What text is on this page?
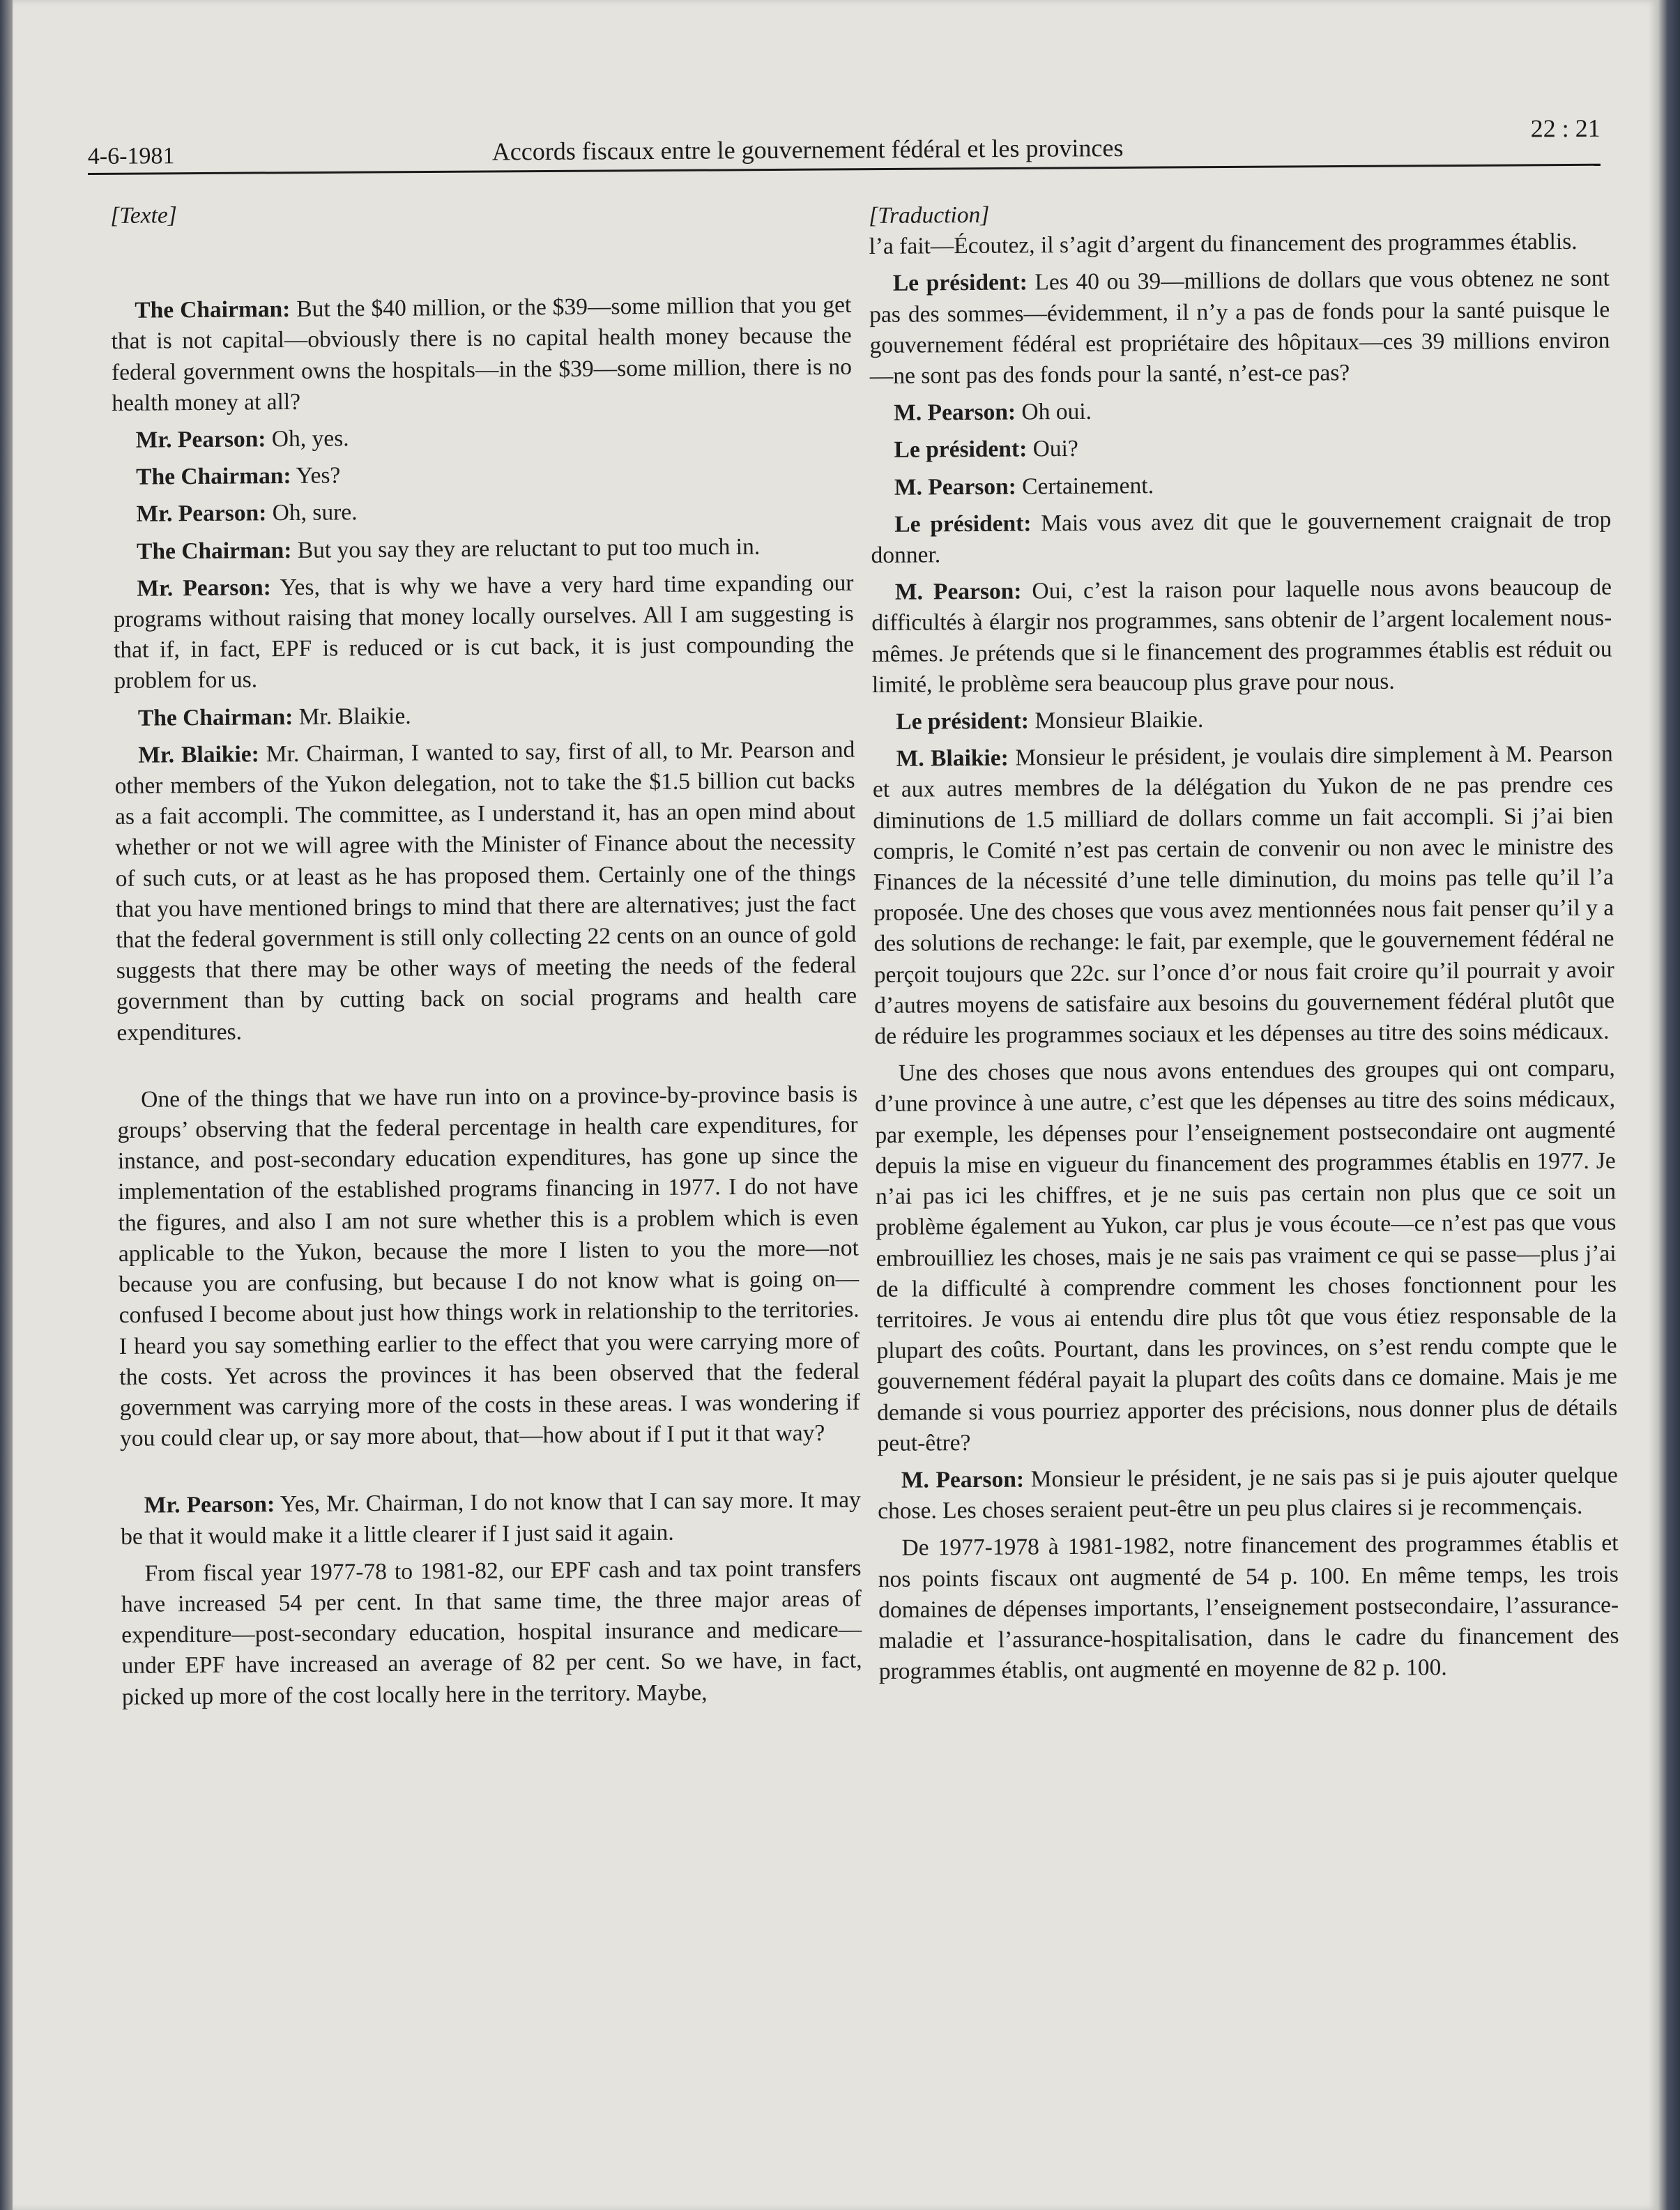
4-6-1981	Accords fiscaux entre le gouvernement fédéral et les provinces
22 : 21
[Texte]

The Chairman: But the $40 million, or the $39—some million that you get that is not capital—obviously there is no capital health money because the federal government owns the hospitals—in the $39—some million, there is no health money at all?

Mr. Pearson: Oh, yes.

The Chairman: Yes?

Mr. Pearson: Oh, sure.

The Chairman: But you say they are reluctant to put too much in.

Mr. Pearson: Yes, that is why we have a very hard time expanding our programs without raising that money locally ourselves. All I am suggesting is that if, in fact, EPF is reduced or is cut back, it is just compounding the problem for us.

The Chairman: Mr. Blaikie.

Mr. Blaikie: Mr. Chairman, I wanted to say, first of all, to Mr. Pearson and other members of the Yukon delegation, not to take the $1.5 billion cut backs as a fait accompli. The committee, as I understand it, has an open mind about whether or not we will agree with the Minister of Finance about the necessity of such cuts, or at least as he has proposed them. Certainly one of the things that you have mentioned brings to mind that there are alternatives; just the fact that the federal government is still only collecting 22 cents on an ounce of gold suggests that there may be other ways of meeting the needs of the federal government than by cutting back on social programs and health care expenditures.

One of the things that we have run into on a province-by-province basis is groups’ observing that the federal percentage in health care expenditures, for instance, and post-secondary education expenditures, has gone up since the implementation of the established programs financing in 1977. I do not have the figures, and also I am not sure whether this is a problem which is even applicable to the Yukon, because the more I listen to you the more—not because you are confusing, but because I do not know what is going on—confused I become about just how things work in relationship to the territories. I heard you say something earlier to the effect that you were carrying more of the costs. Yet across the provinces it has been observed that the federal government was carrying more of the costs in these areas. I was wondering if you could clear up, or say more about, that—how about if I put it that way?

Mr. Pearson: Yes, Mr. Chairman, I do not know that I can say more. It may be that it would make it a little clearer if I just said it again.

From fiscal year 1977-78 to 1981-82, our EPF cash and tax point transfers have increased 54 per cent. In that same time, the three major areas of expenditure—post-secondary education, hospital insurance and medicare—under EPF have increased an average of 82 per cent. So we have, in fact, picked up more of the cost locally here in the territory. Maybe,

[Traduction]

l’a fait—Écoutez, il s’agit d’argent du financement des programmes établis.

Le président: Les 40 ou 39—millions de dollars que vous obtenez ne sont pas des sommes—évidemment, il n’y a pas de fonds pour la santé puisque le gouvernement fédéral est propriétaire des hôpitaux—ces 39 millions environ—ne sont pas des fonds pour la santé, n’est-ce pas?

M. Pearson: Oh oui.

Le président: Oui?

M. Pearson: Certainement.

Le président: Mais vous avez dit que le gouvernement craignait de trop donner.

M. Pearson: Oui, c’est la raison pour laquelle nous avons beaucoup de difficultés à élargir nos programmes, sans obtenir de l’argent localement nous-mêmes. Je prétends que si le financement des programmes établis est réduit ou limité, le problème sera beaucoup plus grave pour nous.

Le président: Monsieur Blaikie.

M. Blaikie: Monsieur le président, je voulais dire simplement à M. Pearson et aux autres membres de la délégation du Yukon de ne pas prendre ces diminutions de 1.5 milliard de dollars comme un fait accompli. Si j’ai bien compris, le Comité n’est pas certain de convenir ou non avec le ministre des Finances de la nécessité d’une telle diminution, du moins pas telle qu’il l’a proposée. Une des choses que vous avez mentionnées nous fait penser qu’il y a des solutions de rechange: le fait, par exemple, que le gouvernement fédéral ne perçoit toujours que 22c. sur l’once d’or nous fait croire qu’il pourrait y avoir d’autres moyens de satisfaire aux besoins du gouvernement fédéral plutôt que de réduire les programmes sociaux et les dépenses au titre des soins médicaux.

Une des choses que nous avons entendues des groupes qui ont comparu, d’une province à une autre, c’est que les dépenses au titre des soins médicaux, par exemple, les dépenses pour l’enseignement postsecondaire ont augmenté depuis la mise en vigueur du financement des programmes établis en 1977. Je n’ai pas ici les chiffres, et je ne suis pas certain non plus que ce soit un problème également au Yukon, car plus je vous écoute—ce n’est pas que vous embrouilliez les choses, mais je ne sais pas vraiment ce qui se passe—plus j’ai de la difficulté à comprendre comment les choses fonctionnent pour les territoires. Je vous ai entendu dire plus tôt que vous étiez responsable de la plupart des coûts. Pourtant, dans les provinces, on s’est rendu compte que le gouvernement fédéral payait la plupart des coûts dans ce domaine. Mais je me demande si vous pourriez apporter des précisions, nous donner plus de détails peut-être?

M. Pearson: Monsieur le président, je ne sais pas si je puis ajouter quelque chose. Les choses seraient peut-être un peu plus claires si je recommençais.

De 1977-1978 à 1981-1982, notre financement des programmes établis et nos points fiscaux ont augmenté de 54 p. 100. En même temps, les trois domaines de dépenses importants, l’enseignement postsecondaire, l’assurance-maladie et l’assurance-hospitalisation, dans le cadre du financement des programmes établis, ont augmenté en moyenne de 82 p. 100.
